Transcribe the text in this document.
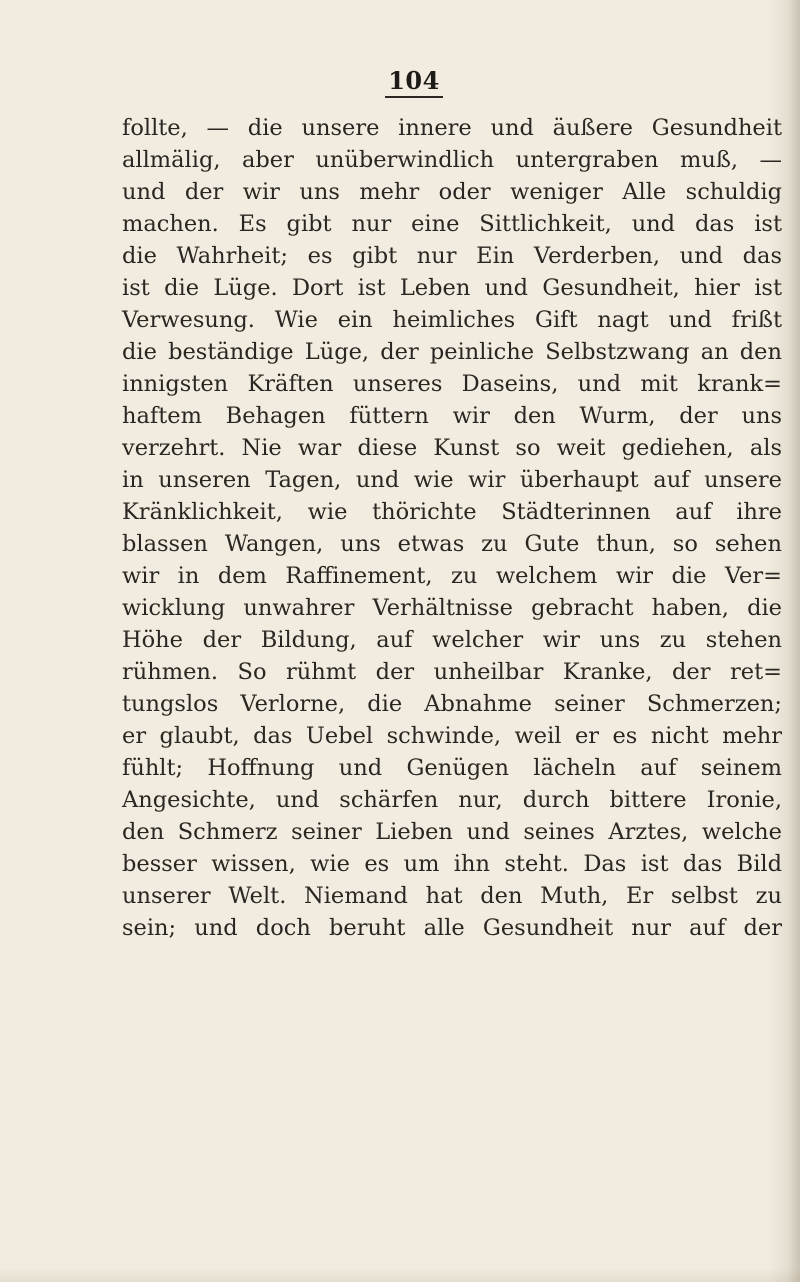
104
follte, — die unsere innere und äußere Gesundheit
allmälig, aber unüberwindlich untergraben muß, —
und der wir uns mehr oder weniger Alle schuldig
machen. Es gibt nur eine Sittlichkeit, und das ist
die Wahrheit; es gibt nur Ein Verderben, und das
ist die Lüge. Dort ist Leben und Gesundheit, hier ist
Verwesung. Wie ein heimliches Gift nagt und frißt
die beständige Lüge, der peinliche Selbstzwang an den
innigsten Kräften unseres Daseins, und mit krank=
haftem Behagen füttern wir den Wurm, der uns
verzehrt. Nie war diese Kunst so weit gediehen, als
in unseren Tagen, und wie wir überhaupt auf unsere
Kränklichkeit, wie thörichte Städterinnen auf ihre
blassen Wangen, uns etwas zu Gute thun, so sehen
wir in dem Raffinement, zu welchem wir die Ver=
wicklung unwahrer Verhältnisse gebracht haben, die
Höhe der Bildung, auf welcher wir uns zu stehen
rühmen. So rühmt der unheilbar Kranke, der ret=
tungslos Verlorne, die Abnahme seiner Schmerzen;
er glaubt, das Uebel schwinde, weil er es nicht mehr
fühlt; Hoffnung und Genügen lächeln auf seinem
Angesichte, und schärfen nur, durch bittere Ironie,
den Schmerz seiner Lieben und seines Arztes, welche
besser wissen, wie es um ihn steht. Das ist das Bild
unserer Welt. Niemand hat den Muth, Er selbst zu
sein; und doch beruht alle Gesundheit nur auf der
